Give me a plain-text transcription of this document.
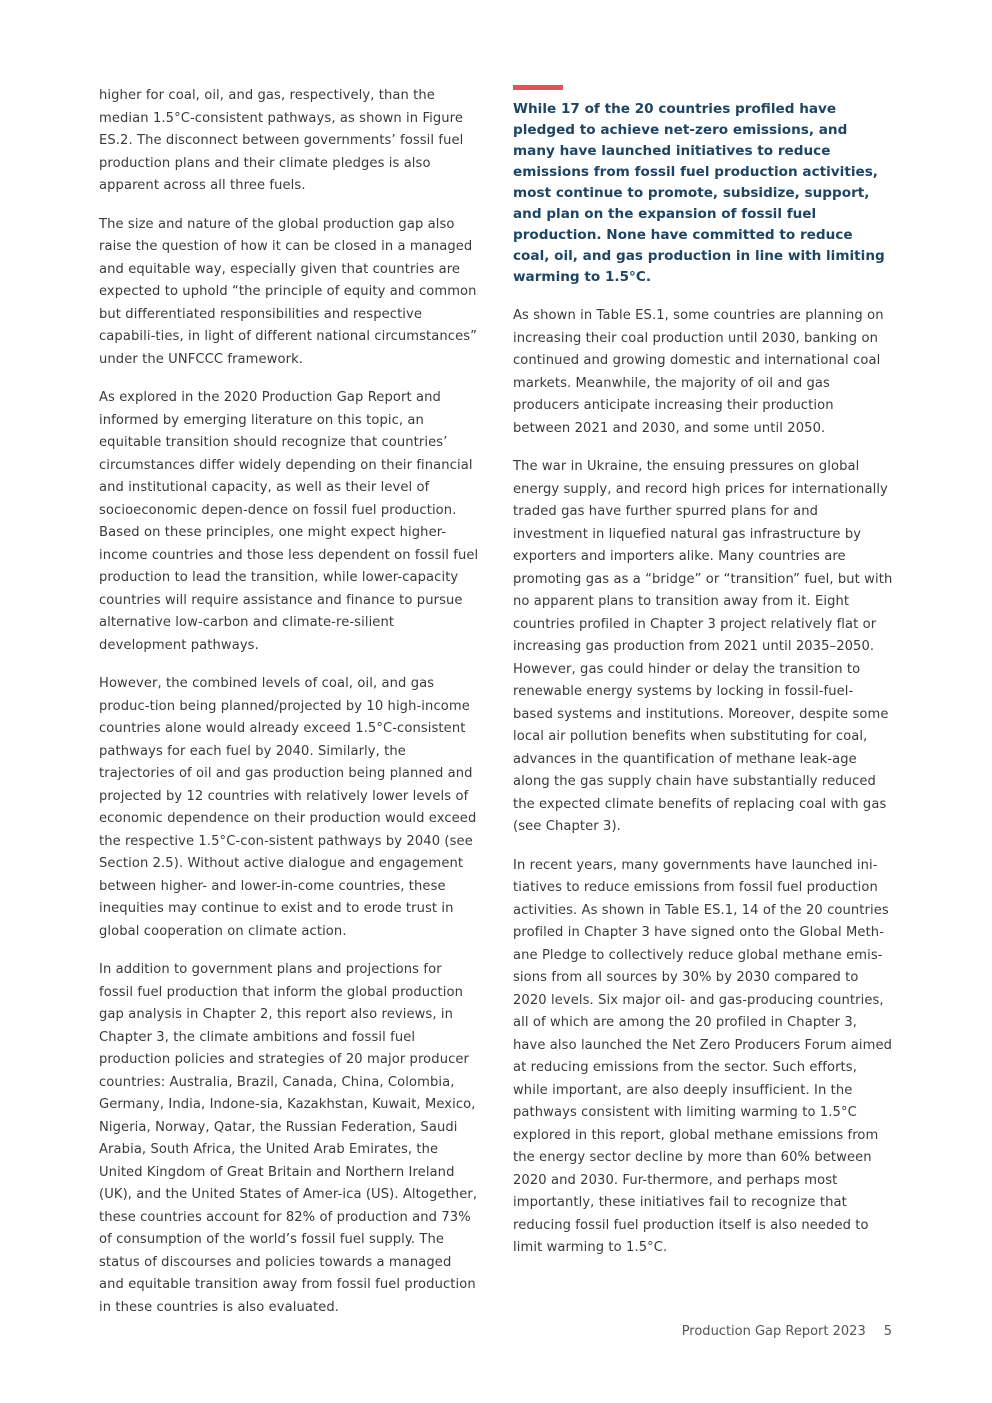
higher for coal, oil, and gas, respectively, than the median 1.5°C-consistent pathways, as shown in Figure ES.2. The disconnect between governments’ fossil fuel production plans and their climate pledges is also apparent across all three fuels.

The size and nature of the global production gap also raise the question of how it can be closed in a managed and equitable way, especially given that countries are expected to uphold “the principle of equity and common but differentiated responsibilities and respective capabili-ties, in light of different national circumstances” under the UNFCCC framework.

As explored in the 2020 Production Gap Report and informed by emerging literature on this topic, an equitable transition should recognize that countries’ circumstances differ widely depending on their financial and institutional capacity, as well as their level of socioeconomic depen-dence on fossil fuel production. Based on these principles, one might expect higher-income countries and those less dependent on fossil fuel production to lead the transition, while lower-capacity countries will require assistance and finance to pursue alternative low-carbon and climate-re-silient development pathways.

However, the combined levels of coal, oil, and gas produc-tion being planned/projected by 10 high-income countries alone would already exceed 1.5°C-consistent pathways for each fuel by 2040. Similarly, the trajectories of oil and gas production being planned and projected by 12 countries with relatively lower levels of economic dependence on their production would exceed the respective 1.5°C-con-sistent pathways by 2040 (see Section 2.5). Without active dialogue and engagement between higher- and lower-in-come countries, these inequities may continue to exist and to erode trust in global cooperation on climate action.

In addition to government plans and projections for fossil fuel production that inform the global production gap analysis in Chapter 2, this report also reviews, in Chapter 3, the climate ambitions and fossil fuel production policies and strategies of 20 major producer countries: Australia, Brazil, Canada, China, Colombia, Germany, India, Indone-sia, Kazakhstan, Kuwait, Mexico, Nigeria, Norway, Qatar, the Russian Federation, Saudi Arabia, South Africa, the United Arab Emirates, the United Kingdom of Great Britain and Northern Ireland (UK), and the United States of Amer-ica (US). Altogether, these countries account for 82% of production and 73% of consumption of the world’s fossil fuel supply. The status of discourses and policies towards a managed and equitable transition away from fossil fuel production in these countries is also evaluated.

While 17 of the 20 countries profiled have pledged to achieve net-zero emissions, and many have launched initiatives to reduce emissions from fossil fuel production activities, most continue to promote, subsidize, support, and plan on the expansion of fossil fuel production. None have committed to reduce coal, oil, and gas production in line with limiting warming to 1.5°C.

As shown in Table ES.1, some countries are planning on increasing their coal production until 2030, banking on continued and growing domestic and international coal markets. Meanwhile, the majority of oil and gas producers anticipate increasing their production between 2021 and 2030, and some until 2050.

The war in Ukraine, the ensuing pressures on global energy supply, and record high prices for internationally traded gas have further spurred plans for and investment in liquefied natural gas infrastructure by exporters and importers alike. Many countries are promoting gas as a “bridge” or “transition” fuel, but with no apparent plans to transition away from it. Eight countries profiled in Chapter 3 project relatively flat or increasing gas production from 2021 until 2035–2050. However, gas could hinder or delay the transition to renewable energy systems by locking in fossil-fuel-based systems and institutions. Moreover, despite some local air pollution benefits when substituting for coal, advances in the quantification of methane leak-age along the gas supply chain have substantially reduced the expected climate benefits of replacing coal with gas (see Chapter 3).

In recent years, many governments have launched ini-tiatives to reduce emissions from fossil fuel production activities. As shown in Table ES.1, 14 of the 20 countries profiled in Chapter 3 have signed onto the Global Meth-ane Pledge to collectively reduce global methane emis-sions from all sources by 30% by 2030 compared to 2020 levels. Six major oil- and gas-producing countries, all of which are among the 20 profiled in Chapter 3, have also launched the Net Zero Producers Forum aimed at reducing emissions from the sector. Such efforts, while important, are also deeply insufficient. In the pathways consistent with limiting warming to 1.5°C explored in this report, global methane emissions from the energy sector decline by more than 60% between 2020 and 2030. Fur-thermore, and perhaps most importantly, these initiatives fail to recognize that reducing fossil fuel production itself is also needed to limit warming to 1.5°C.

Production Gap Report 2023 5
